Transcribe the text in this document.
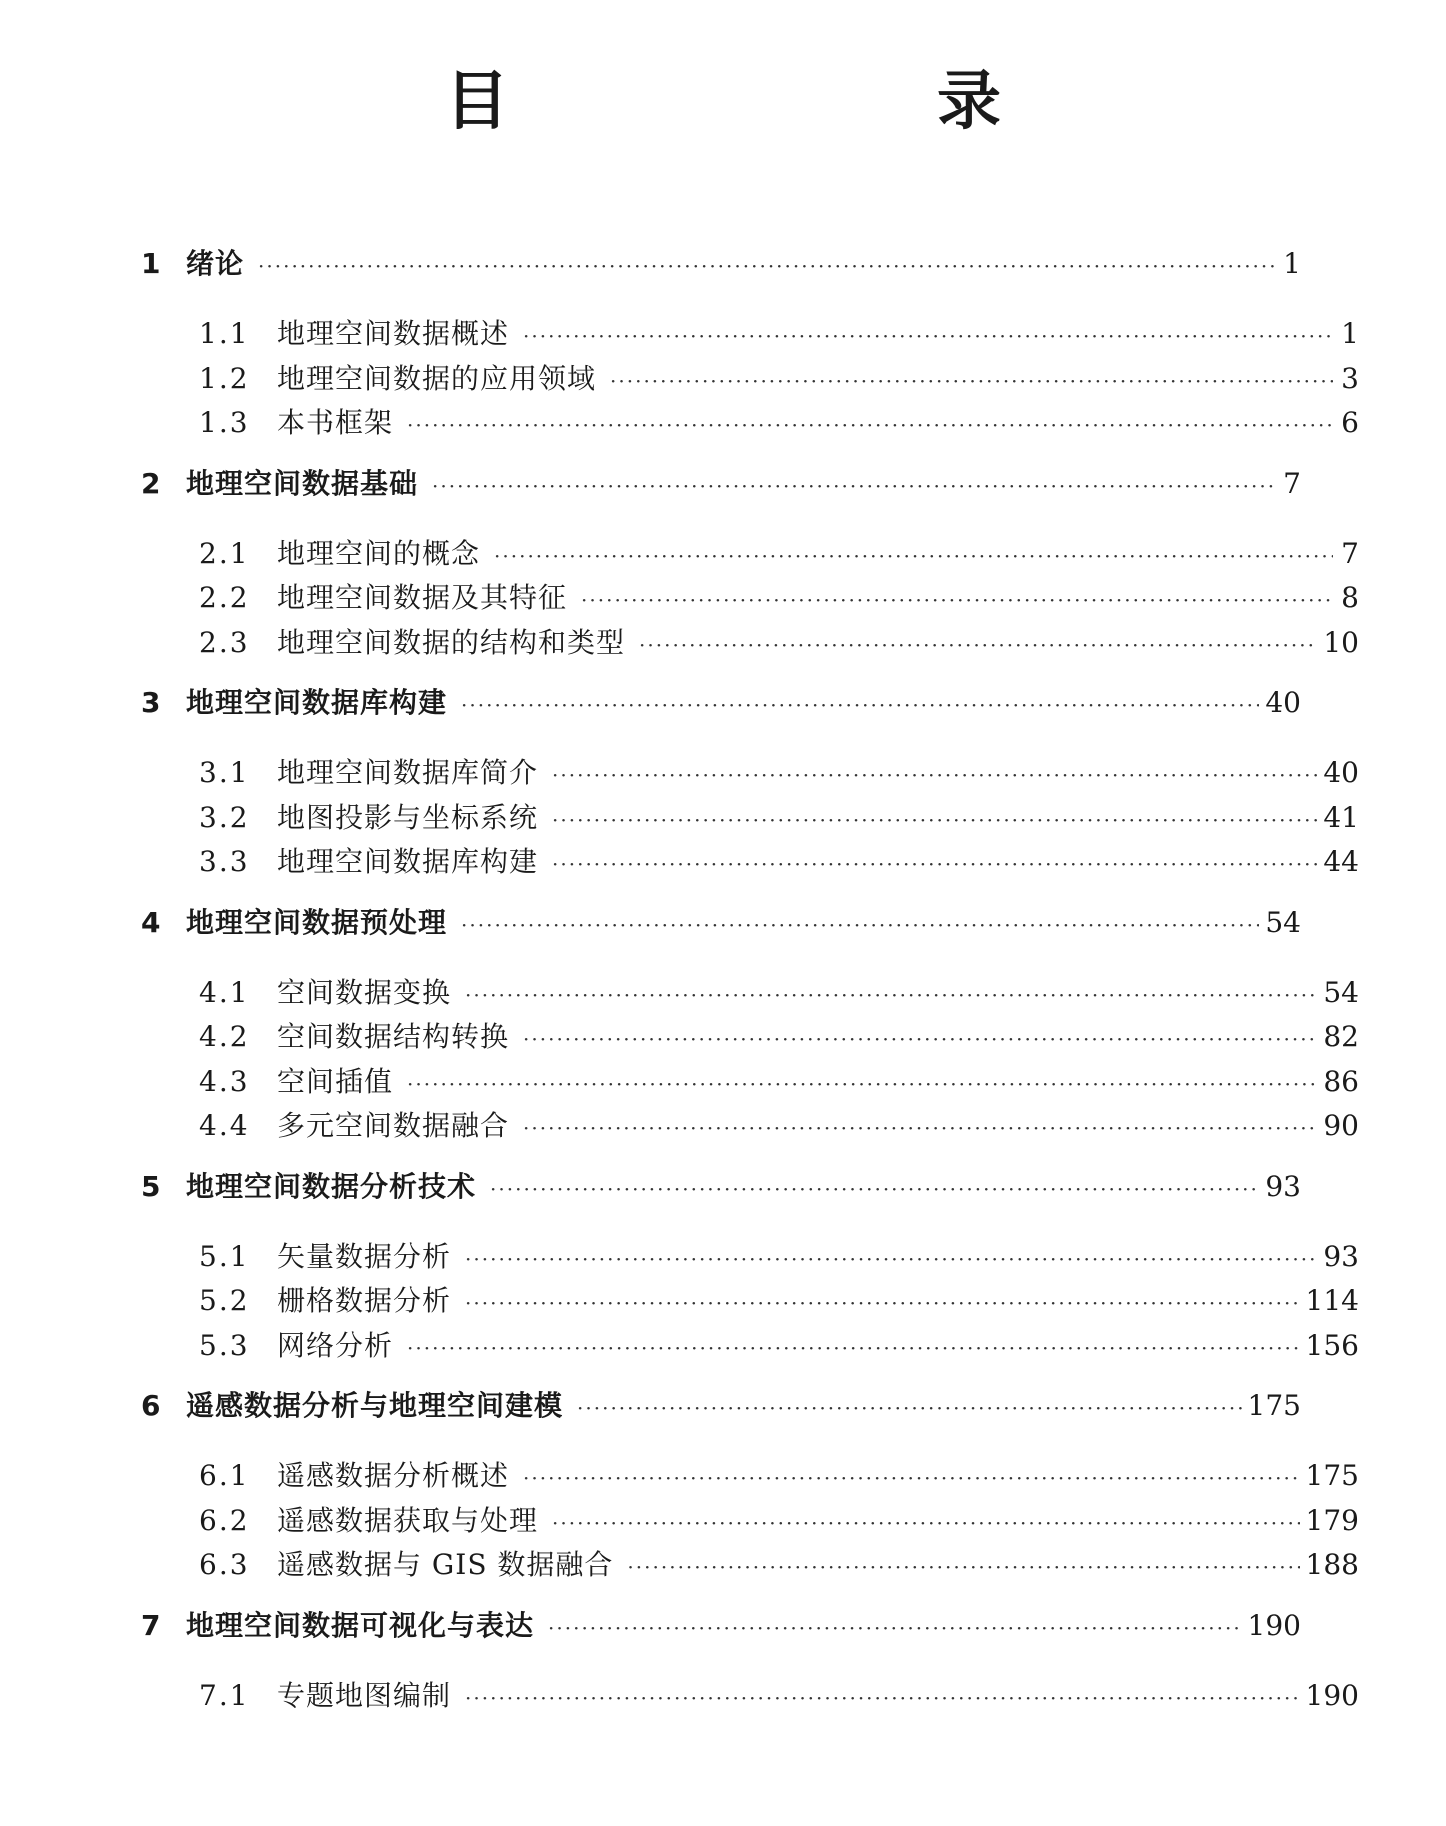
目　　录
1 绪论 ·····	1
1.1 地理空间数据概述 ·····	1
1.2 地理空间数据的应用领域 ·····	3
1.3 本书框架 ·····	6
2 地理空间数据基础 ·····	7
2.1 地理空间的概念 ·····	7
2.2 地理空间数据及其特征 ·····	8
2.3 地理空间数据的结构和类型 ·····	10
3 地理空间数据库构建 ·····	40
3.1 地理空间数据库简介 ·····	40
3.2 地图投影与坐标系统 ·····	41
3.3 地理空间数据库构建 ·····	44
4 地理空间数据预处理 ·····	54
4.1 空间数据变换 ·····	54
4.2 空间数据结构转换 ·····	82
4.3 空间插值 ·····	86
4.4 多元空间数据融合 ·····	90
5 地理空间数据分析技术 ·····	93
5.1 矢量数据分析 ·····	93
5.2 栅格数据分析 ·····	114
5.3 网络分析 ·····	156
6 遥感数据分析与地理空间建模 ·····	175
6.1 遥感数据分析概述 ·····	175
6.2 遥感数据获取与处理 ·····	179
6.3 遥感数据与 GIS 数据融合 ·····	188
7 地理空间数据可视化与表达 ·····	190
7.1 专题地图编制 ·····	190
